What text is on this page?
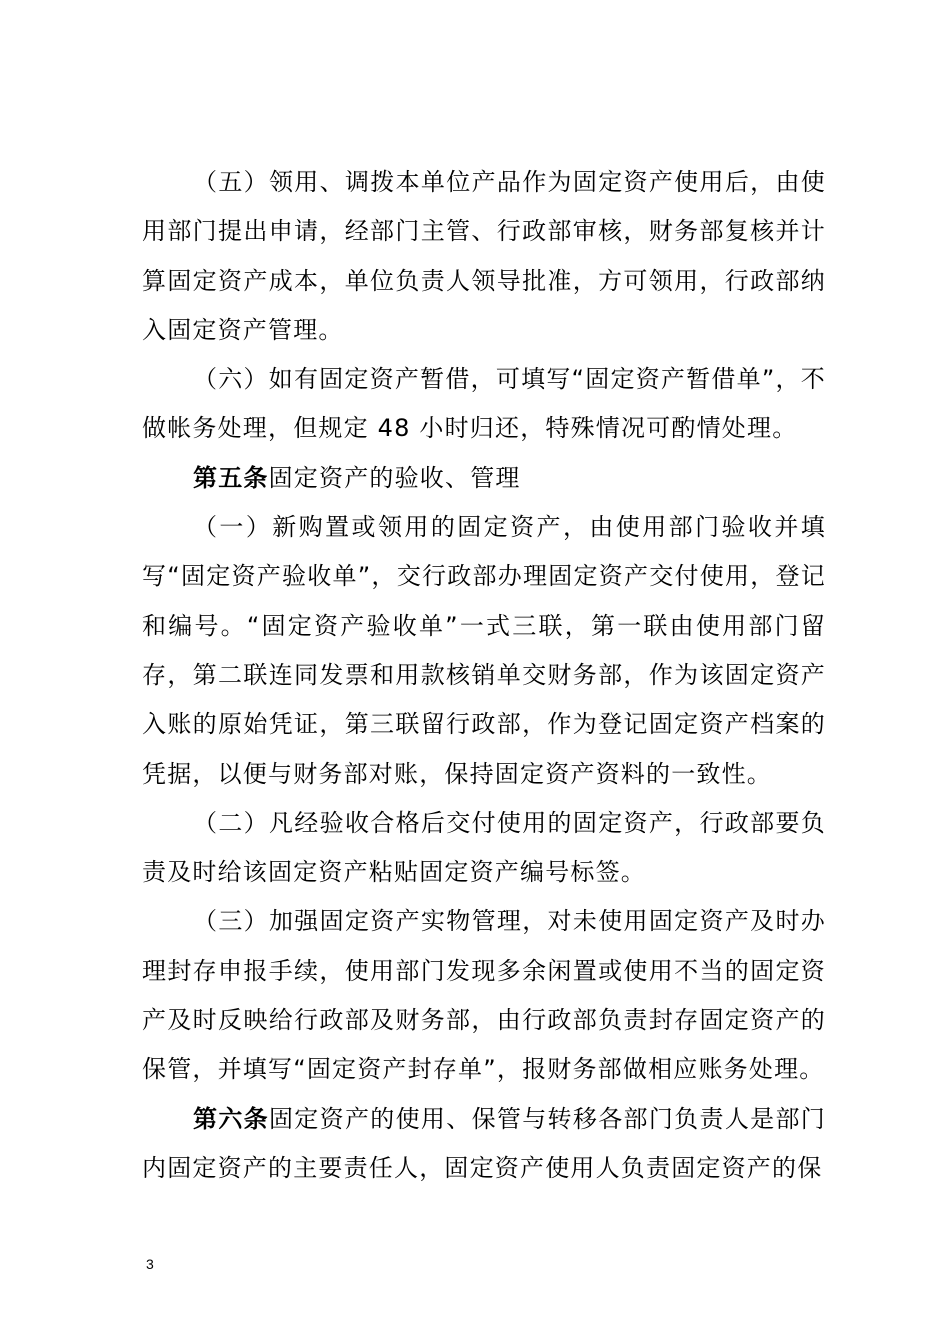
（五）领用、调拨本单位产品作为固定资产使用后，由使用部门提出申请，经部门主管、行政部审核，财务部复核并计算固定资产成本，单位负责人领导批准，方可领用，行政部纳入固定资产管理。

（六）如有固定资产暂借，可填写“固定资产暂借单”，不做帐务处理，但规定 48 小时归还，特殊情况可酌情处理。

第五条固定资产的验收、管理

（一）新购置或领用的固定资产，由使用部门验收并填写“固定资产验收单”，交行政部办理固定资产交付使用，登记和编号。“固定资产验收单”一式三联，第一联由使用部门留存，第二联连同发票和用款核销单交财务部，作为该固定资产入账的原始凭证，第三联留行政部，作为登记固定资产档案的凭据，以便与财务部对账，保持固定资产资料的一致性。

（二）凡经验收合格后交付使用的固定资产，行政部要负责及时给该固定资产粘贴固定资产编号标签。

（三）加强固定资产实物管理，对未使用固定资产及时办理封存申报手续，使用部门发现多余闲置或使用不当的固定资产及时反映给行政部及财务部，由行政部负责封存固定资产的保管，并填写“固定资产封存单”，报财务部做相应账务处理。

第六条固定资产的使用、保管与转移各部门负责人是部门内固定资产的主要责任人，固定资产使用人负责固定资产的保

3
